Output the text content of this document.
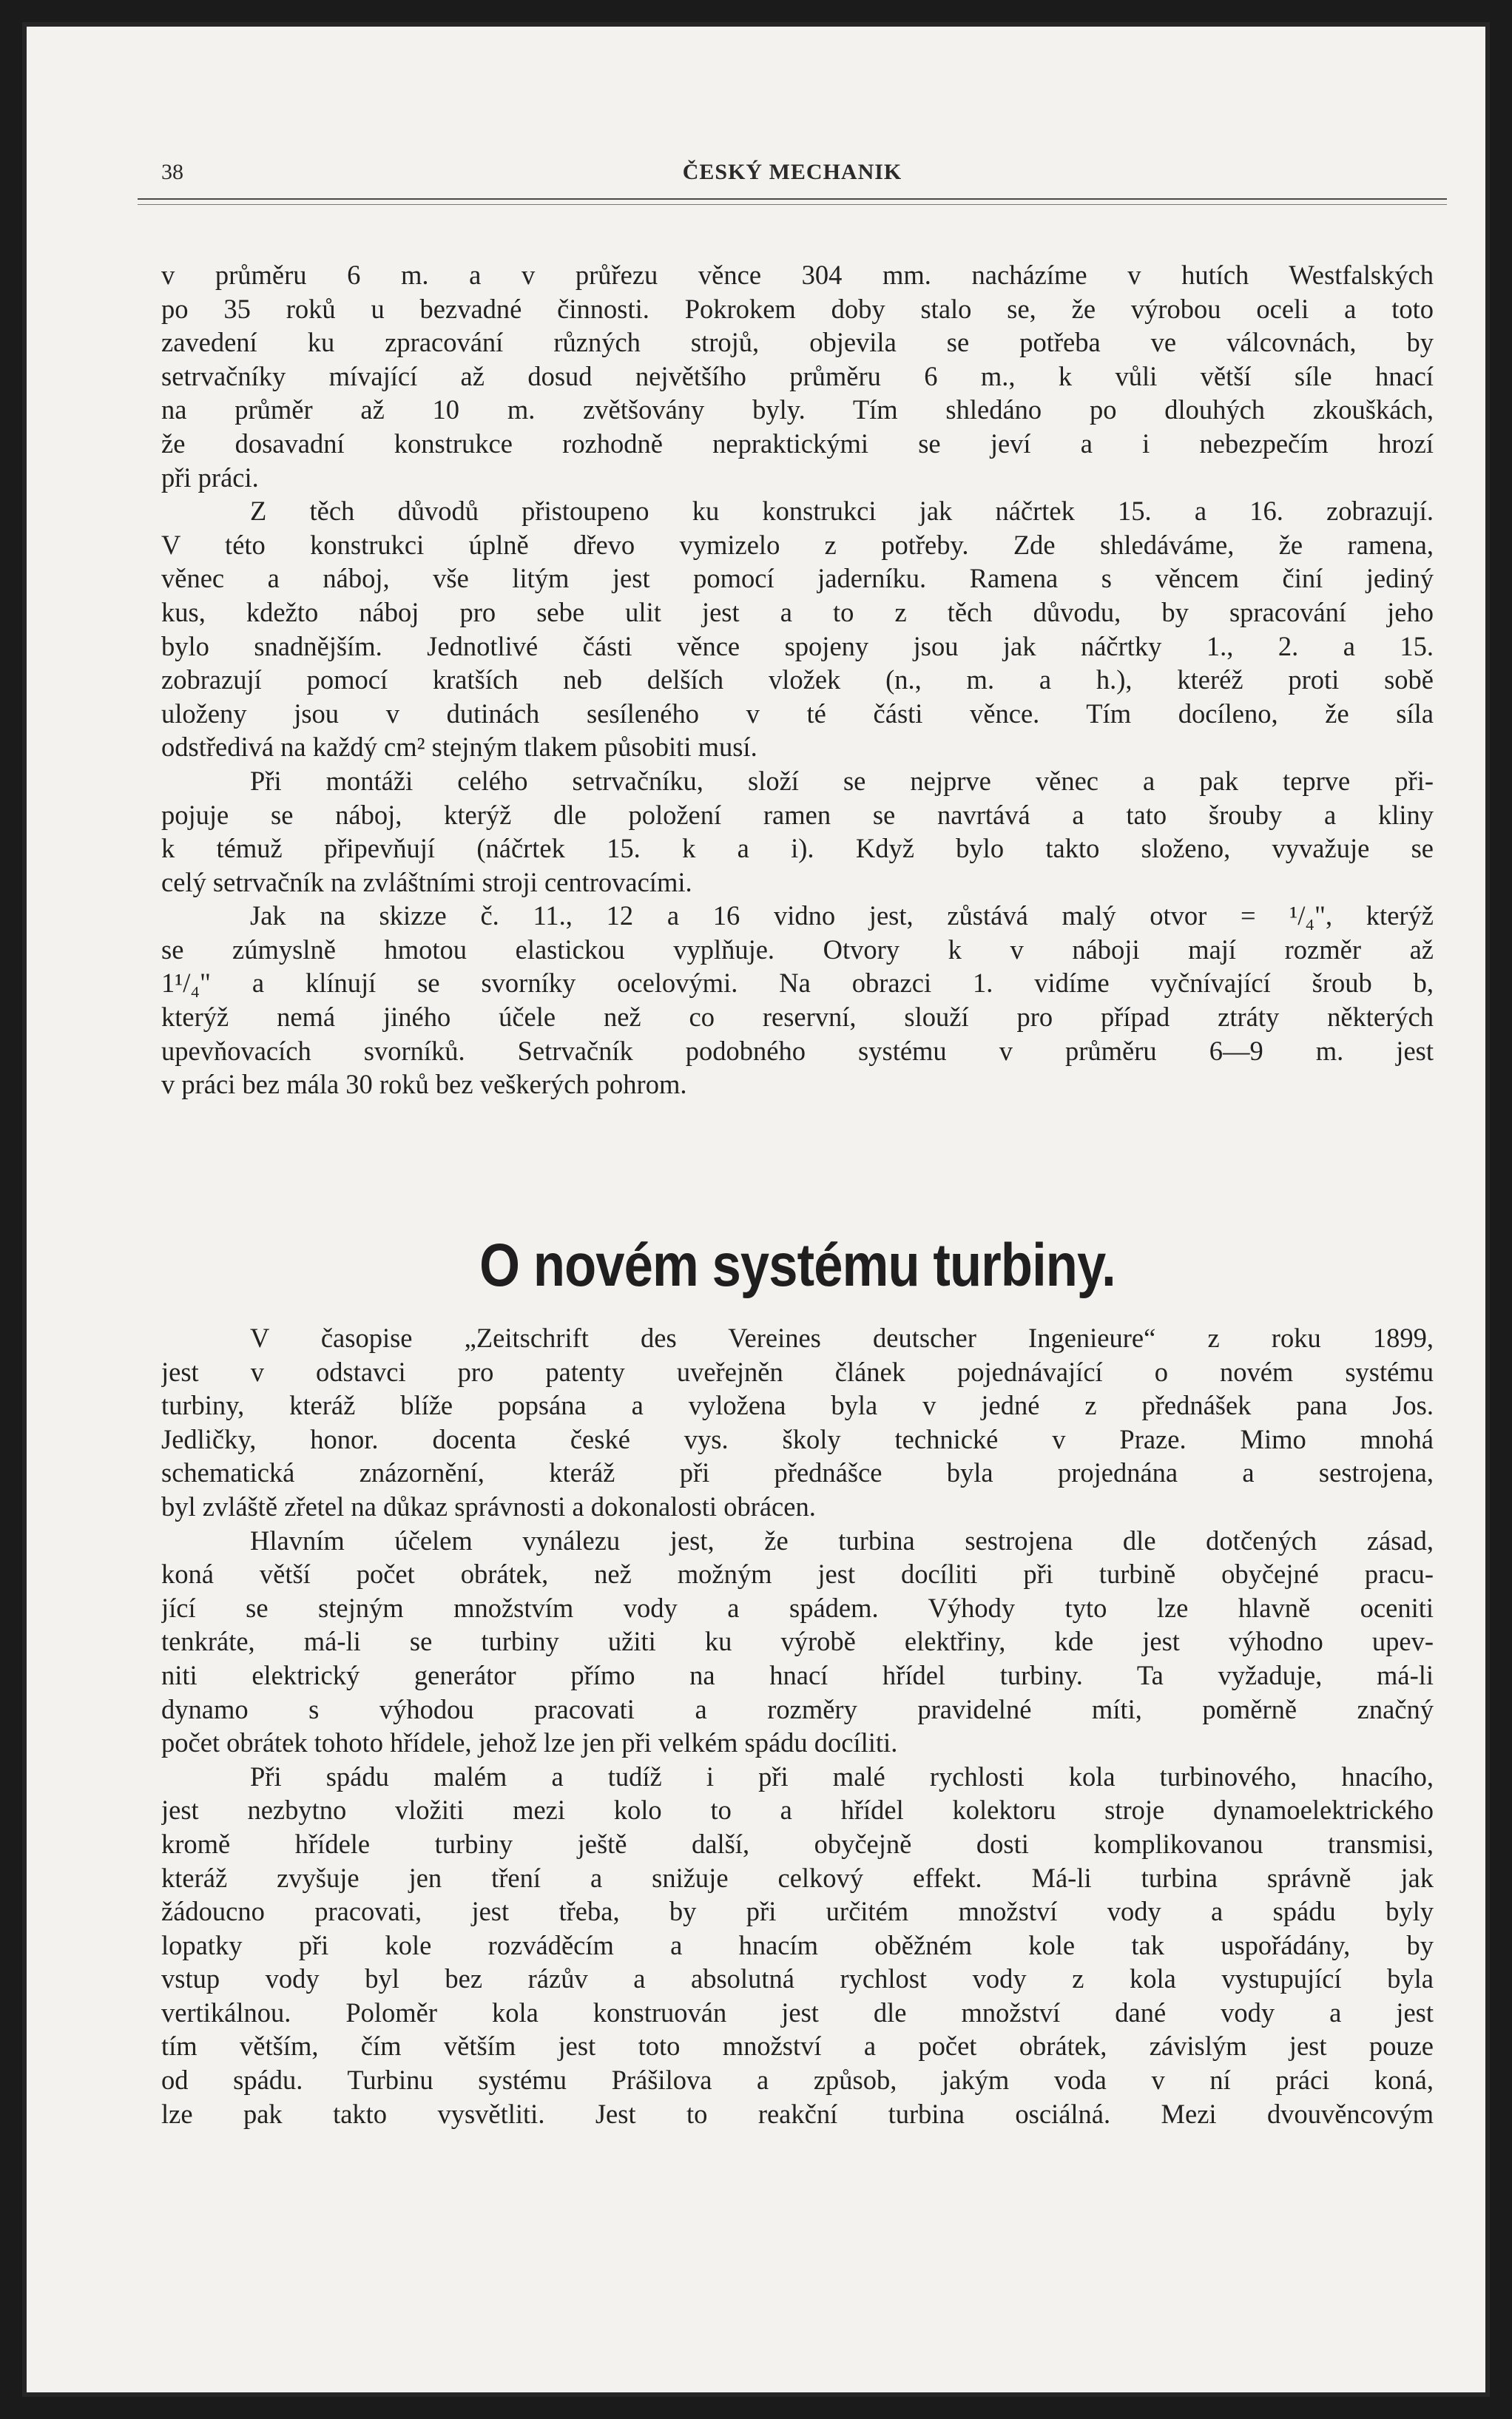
38	ČESKÝ MECHANIK

v průměru 6 m. a v průřezu věnce 304 mm. nacházíme v hutích Westfalských

po 35 roků u bezvadné činnosti. Pokrokem doby stalo se, že výrobou oceli a toto

zavedení ku zpracování různých strojů, objevila se potřeba ve válcovnách, by

setrvačníky mívající až dosud největšího průměru 6 m., k vůli větší síle hnací

na průměr až 10 m. zvětšovány byly. Tím shledáno po dlouhých zkouškách,

že dosavadní konstrukce rozhodně nepraktickými se jeví a i nebezpečím hrozí

při práci.

Z těch důvodů přistoupeno ku konstrukci jak náčrtek 15. a 16. zobrazují.

V této konstrukci úplně dřevo vymizelo z potřeby. Zde shledáváme, že ramena,

věnec a náboj, vše litým jest pomocí jaderníku. Ramena s věncem činí jediný

kus, kdežto náboj pro sebe ulit jest a to z těch důvodu, by spracování jeho

bylo snadnějším. Jednotlivé části věnce spojeny jsou jak náčrtky 1., 2. a 15.

zobrazují pomocí kratších neb delších vložek (n., m. a h.), kteréž proti sobě

uloženy jsou v dutinách sesíleného v té části věnce. Tím docíleno, že síla

odstředivá na každý cm² stejným tlakem působiti musí.

Při montáži celého setrvačníku, složí se nejprve věnec a pak teprve při-

pojuje se náboj, kterýž dle položení ramen se navrtává a tato šrouby a kliny

k témuž připevňují (náčrtek 15. k a i). Když bylo takto složeno, vyvažuje se

celý setrvačník na zvláštními stroji centrovacími.

Jak na skizze č. 11., 12 a 16 vidno jest, zůstává malý otvor = ¹/₄", kterýž

se zúmyslně hmotou elastickou vyplňuje. Otvory k v náboji mají rozměr až

1¹/₄" a klínují se svorníky ocelovými. Na obrazci 1. vidíme vyčnívající šroub b,

kterýž nemá jiného účele než co reservní, slouží pro případ ztráty některých

upevňovacích svorníků. Setrvačník podobného systému v průměru 6—9 m. jest

v práci bez mála 30 roků bez veškerých pohrom.

O novém systému turbiny.

V časopise „Zeitschrift des Vereines deutscher Ingenieure“ z roku 1899,

jest v odstavci pro patenty uveřejněn článek pojednávající o novém systému

turbiny, kteráž blíže popsána a vyložena byla v jedné z přednášek pana Jos.

Jedličky, honor. docenta české vys. školy technické v Praze. Mimo mnohá

schematická znázornění, kteráž při přednášce byla projednána a sestrojena,

byl zvláště zřetel na důkaz správnosti a dokonalosti obrácen.

Hlavním účelem vynálezu jest, že turbina sestrojena dle dotčených zásad,

koná větší počet obrátek, než možným jest docíliti při turbině obyčejné pracu-

jící se stejným množstvím vody a spádem. Výhody tyto lze hlavně oceniti

tenkráte, má-li se turbiny užiti ku výrobě elektřiny, kde jest výhodno upev-

niti elektrický generátor přímo na hnací hřídel turbiny. Ta vyžaduje, má-li

dynamo s výhodou pracovati a rozměry pravidelné míti, poměrně značný

počet obrátek tohoto hřídele, jehož lze jen při velkém spádu docíliti.

Při spádu malém a tudíž i při malé rychlosti kola turbinového, hnacího,

jest nezbytno vložiti mezi kolo to a hřídel kolektoru stroje dynamoelektrického

kromě hřídele turbiny ještě další, obyčejně dosti komplikovanou transmisi,

kteráž zvyšuje jen tření a snižuje celkový effekt. Má-li turbina správně jak

žádoucno pracovati, jest třeba, by při určitém množství vody a spádu byly

lopatky při kole rozváděcím a hnacím oběžném kole tak uspořádány, by

vstup vody byl bez rázův a absolutná rychlost vody z kola vystupující byla

vertikálnou. Poloměr kola konstruován jest dle množství dané vody a jest

tím větším, čím větším jest toto množství a počet obrátek, závislým jest pouze

od spádu. Turbinu systému Prášilova a způsob, jakým voda v ní práci koná,

lze pak takto vysvětliti. Jest to reakční turbina osciálná. Mezi dvouvěncovým
